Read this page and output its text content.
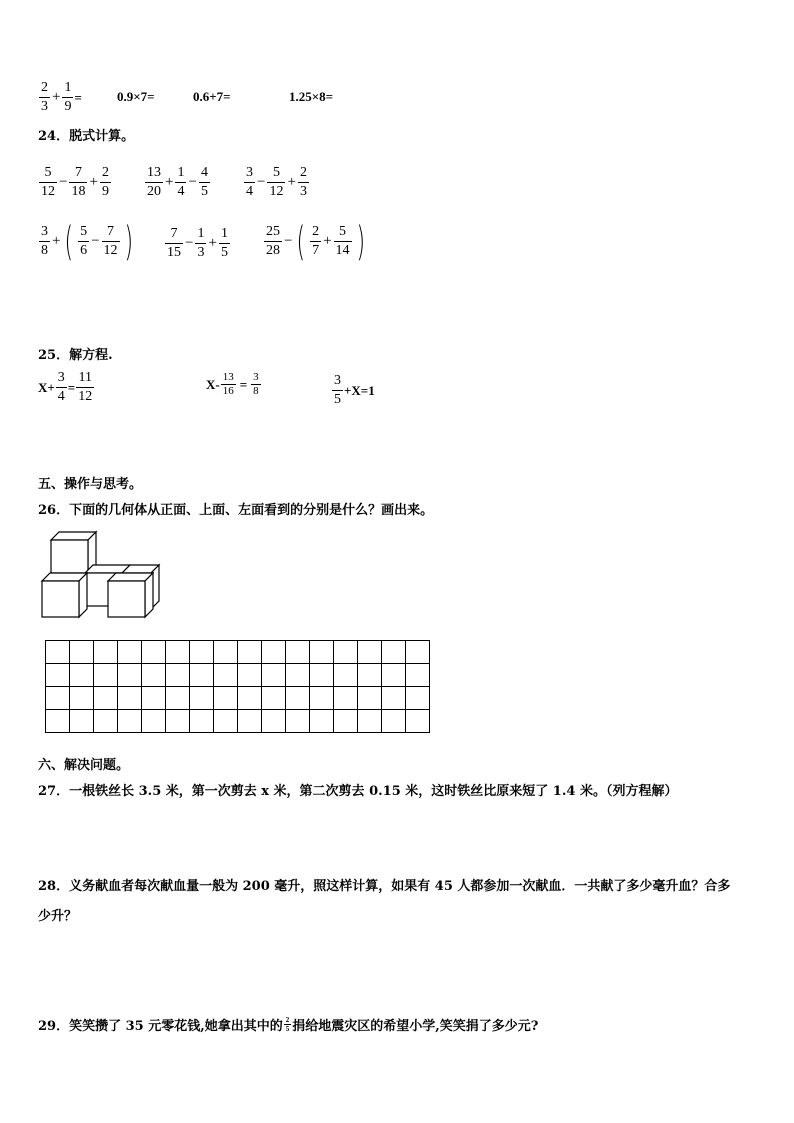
$\frac{2}{3} + \frac{1}{9}$ =	0.9×7=	0.6+7=	1.25×8=
24．脱式计算。
$\frac{5}{12} - \frac{7}{18} + \frac{2}{9} \frac{13}{20} + \frac{1}{4} - \frac{4}{5} \frac{3}{4} - \frac{5}{12} + \frac{2}{3}$
$\frac{3}{8}$ + ( $\frac{5}{6} - \frac{7}{12}$ ) $\frac{7}{15} - \frac{1}{3} + \frac{1}{5} \frac{25}{28}$ − ( $\frac{2}{7} + \frac{5}{14}$ )
25．解方程.
$X+ \frac{3}{4} = \frac{11}{12}$	$X- \frac{13}{16} = \frac{3}{8}$	$\frac{3}{5} +X=1$
五、操作与思考。
26．下面的几何体从正面、上面、左面看到的分别是什么？画出来。

六、解决问题。
27．一根铁丝长 3.5 米，第一次剪去 x 米，第二次剪去 0.15 米，这时铁丝比原来短了 1.4 米。（列方程解）
28．义务献血者每次献血量一般为 200 毫升，照这样计算，如果有 45 人都参加一次献血．一共献了多少毫升血？合多
少升？
29．笑笑攒了 35 元零花钱,她拿出其中的 $\frac{2}{5}$ 捐给地震灾区的希望小学,笑笑捐了多少元?
